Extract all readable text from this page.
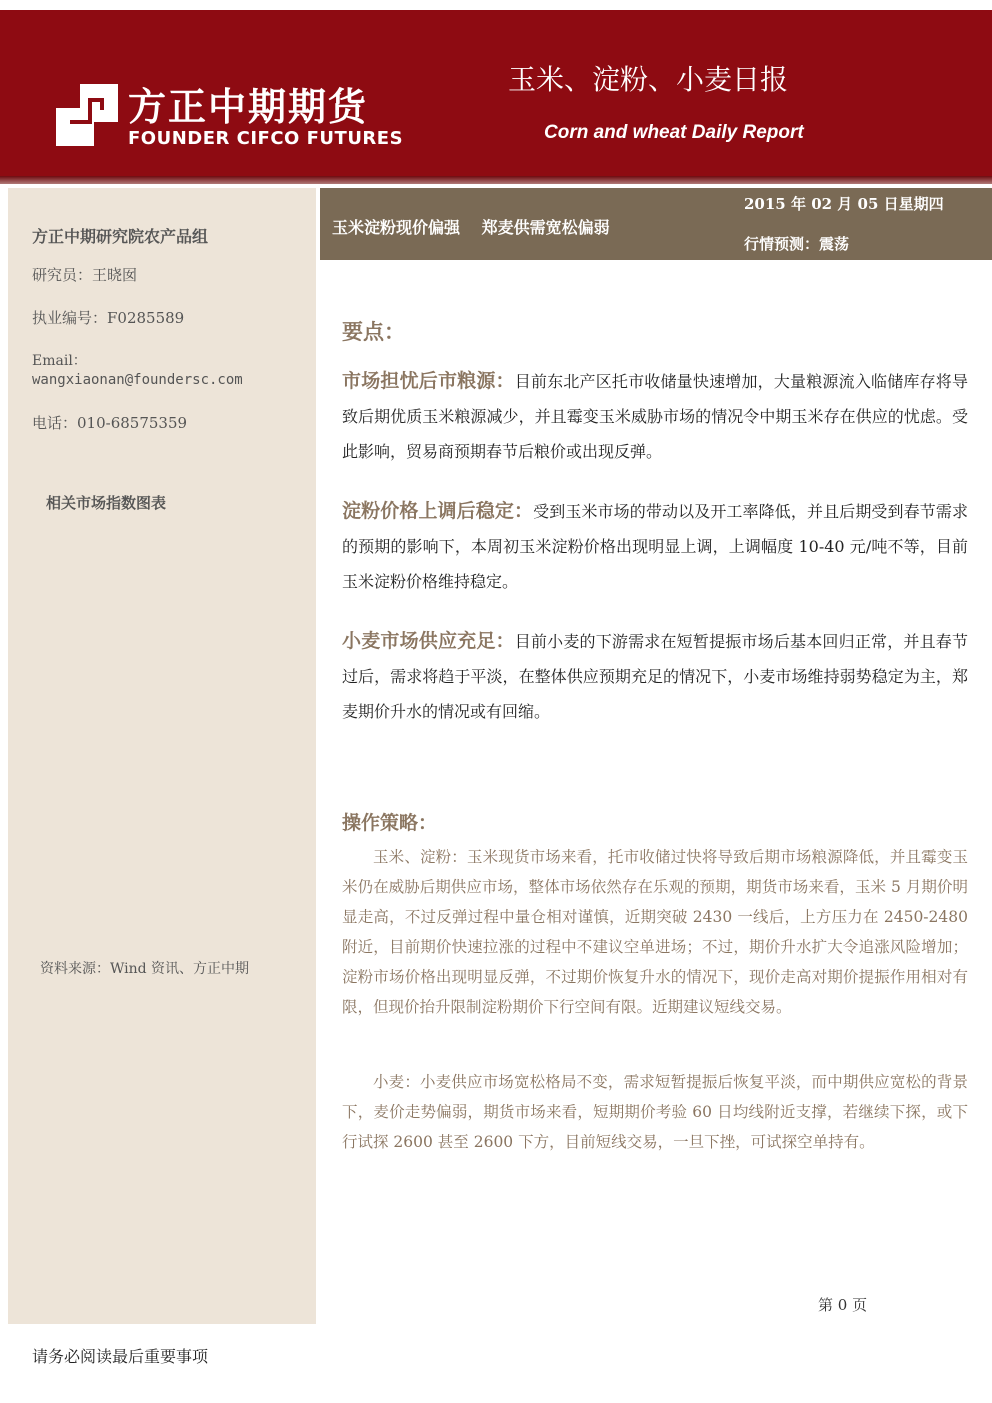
方正中期期货
FOUNDER CIFCO FUTURES
玉米、淀粉、小麦日报
Corn and wheat Daily Report
方正中期研究院农产品组
研究员：王晓囡
执业编号：F0285589
Email：
wangxiaonan@foundersc.com
电话：010-68575359
相关市场指数图表
资料来源：Wind 资讯、方正中期
玉米淀粉现价偏强　 郑麦供需宽松偏弱
2015 年 02 月 05 日星期四
行情预测：震荡
要点：

市场担忧后市粮源：目前东北产区托市收储量快速增加，大量粮源流入临储库存将导致后期优质玉米粮源减少，并且霉变玉米威胁市场的情况令中期玉米存在供应的忧虑。受此影响，贸易商预期春节后粮价或出现反弹。

淀粉价格上调后稳定：受到玉米市场的带动以及开工率降低，并且后期受到春节需求的预期的影响下，本周初玉米淀粉价格出现明显上调，上调幅度 10-40 元/吨不等，目前玉米淀粉价格维持稳定。

小麦市场供应充足：目前小麦的下游需求在短暂提振市场后基本回归正常，并且春节过后，需求将趋于平淡，在整体供应预期充足的情况下，小麦市场维持弱势稳定为主，郑麦期价升水的情况或有回缩。

操作策略：

玉米、淀粉：玉米现货市场来看，托市收储过快将导致后期市场粮源降低，并且霉变玉米仍在威胁后期供应市场，整体市场依然存在乐观的预期，期货市场来看，玉米 5 月期价明显走高，不过反弹过程中量仓相对谨慎，近期突破 2430 一线后，上方压力在 2450-2480 附近，目前期价快速拉涨的过程中不建议空单进场；不过，期价升水扩大令追涨风险增加；淀粉市场价格出现明显反弹，不过期价恢复升水的情况下，现价走高对期价提振作用相对有限，但现价抬升限制淀粉期价下行空间有限。近期建议短线交易。

小麦：小麦供应市场宽松格局不变，需求短暂提振后恢复平淡，而中期供应宽松的背景下，麦价走势偏弱，期货市场来看，短期期价考验 60 日均线附近支撑，若继续下探，或下行试探 2600 甚至 2600 下方，目前短线交易，一旦下挫，可试探空单持有。

第 0 页
请务必阅读最后重要事项
